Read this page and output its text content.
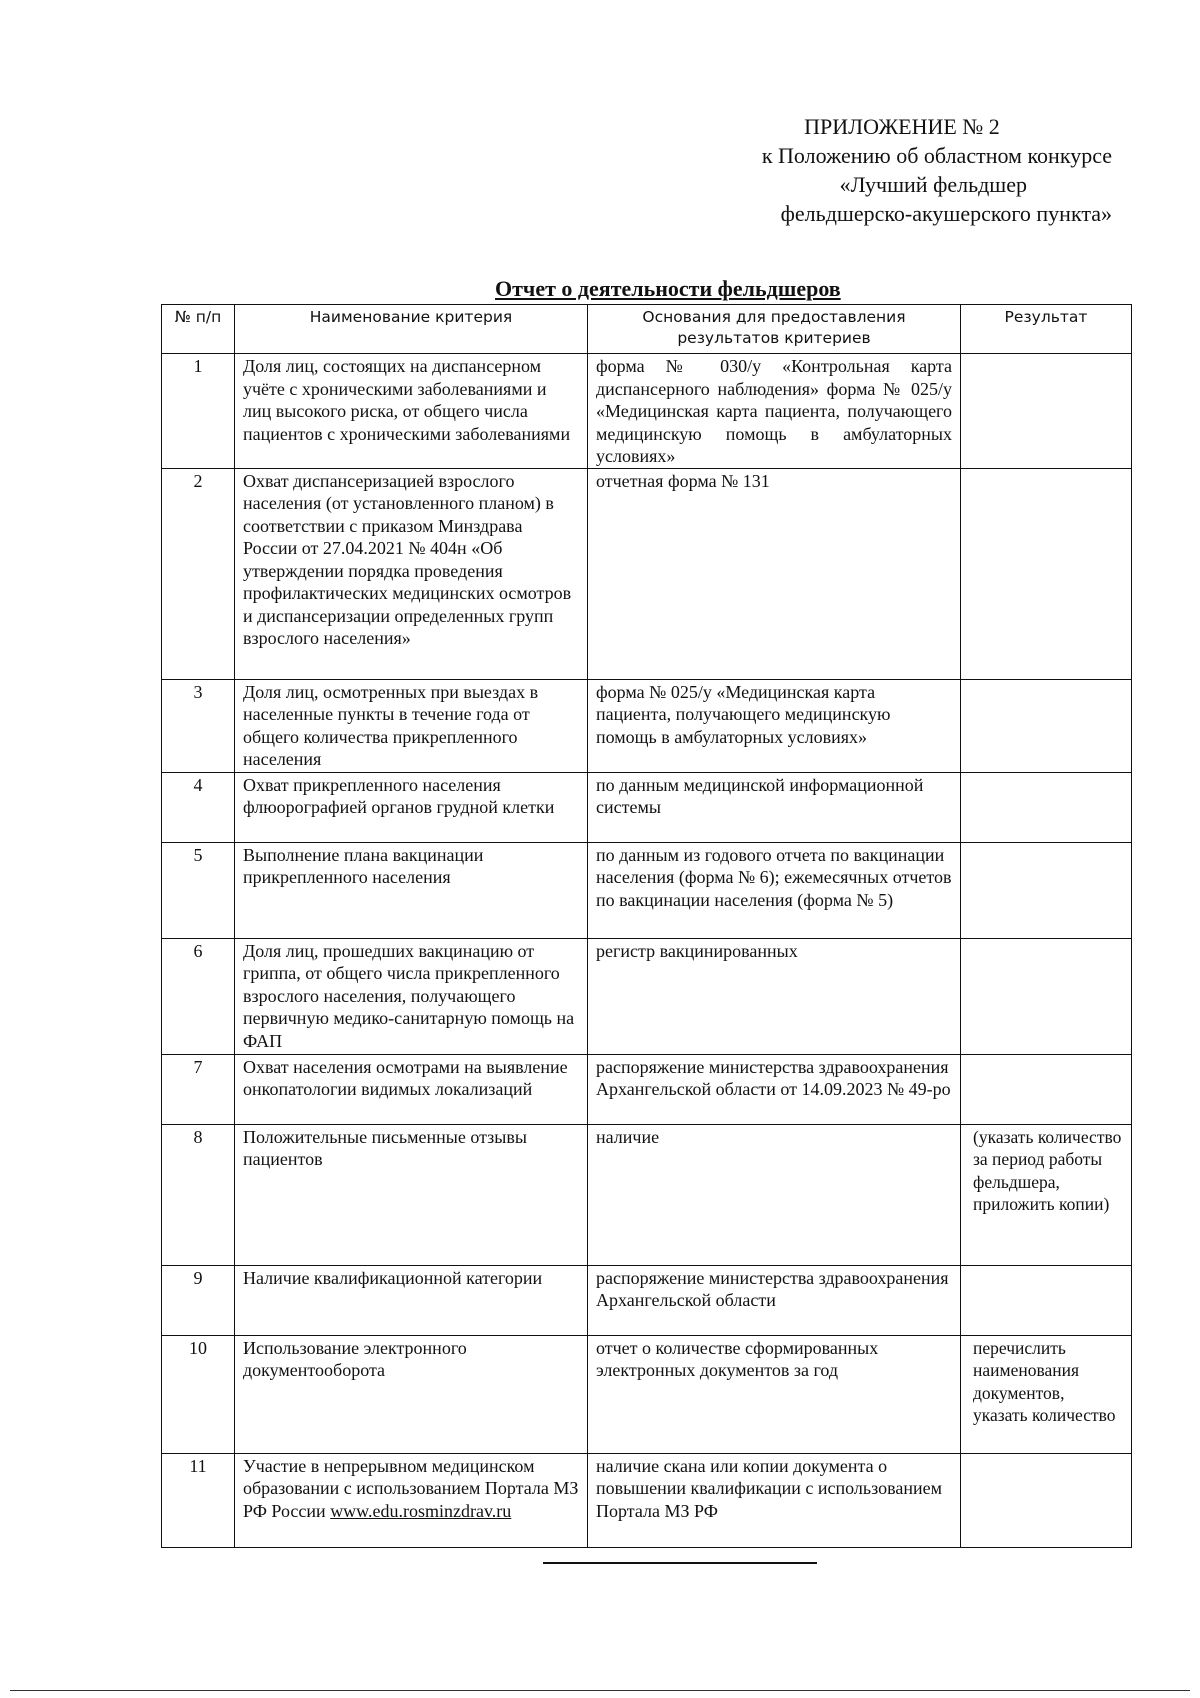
ПРИЛОЖЕНИЕ № 2
к Положению об областном конкурсе
«Лучший фельдшер
фельдшерско-акушерского пункта»
Отчет о деятельности фельдшеров
№ п/п	Наименование критерия	Основания для предоставления результатов критериев	Результат
1	Доля лиц, состоящих на диспансерном учёте с хроническими заболеваниями и лиц высокого риска, от общего числа пациентов с хроническими заболеваниями	форма № 030/у «Контрольная карта диспансерного наблюдения» форма № 025/у «Медицинская карта пациента, получающего медицинскую помощь в амбулаторных условиях»	
2	Охват диспансеризацией взрослого населения (от установленного планом) в соответствии с приказом Минздрава России от 27.04.2021 № 404н «Об утверждении порядка проведения профилактических медицинских осмотров и диспансеризации определенных групп взрослого населения»	отчетная форма № 131	
3	Доля лиц, осмотренных при выездах в населенные пункты в течение года от общего количества прикрепленного населения	форма № 025/у «Медицинская карта пациента, получающего медицинскую помощь в амбулаторных условиях»	
4	Охват прикрепленного населения флюорографией органов грудной клетки	по данным медицинской информационной системы	
5	Выполнение плана вакцинации прикрепленного населения	по данным из годового отчета по вакцинации населения (форма № 6); ежемесячных отчетов по вакцинации населения (форма № 5)	
6	Доля лиц, прошедших вакцинацию от гриппа, от общего числа прикрепленного взрослого населения, получающего первичную медико-санитарную помощь на ФАП	регистр вакцинированных	
7	Охват населения осмотрами на выявление онкопатологии видимых локализаций	распоряжение министерства здравоохранения Архангельской области от 14.09.2023 № 49-ро	
8	Положительные письменные отзывы пациентов	наличие	(указать количество за период работы фельдшера, приложить копии)
9	Наличие квалификационной категории	распоряжение министерства здравоохранения Архангельской области	
10	Использование электронного документооборота	отчет о количестве сформированных электронных документов за год	перечислить наименования документов, указать количество
11	Участие в непрерывном медицинском образовании с использованием Портала МЗ РФ России www.edu.rosminzdrav.ru	наличие скана или копии документа о повышении квалификации с использованием Портала МЗ РФ	
